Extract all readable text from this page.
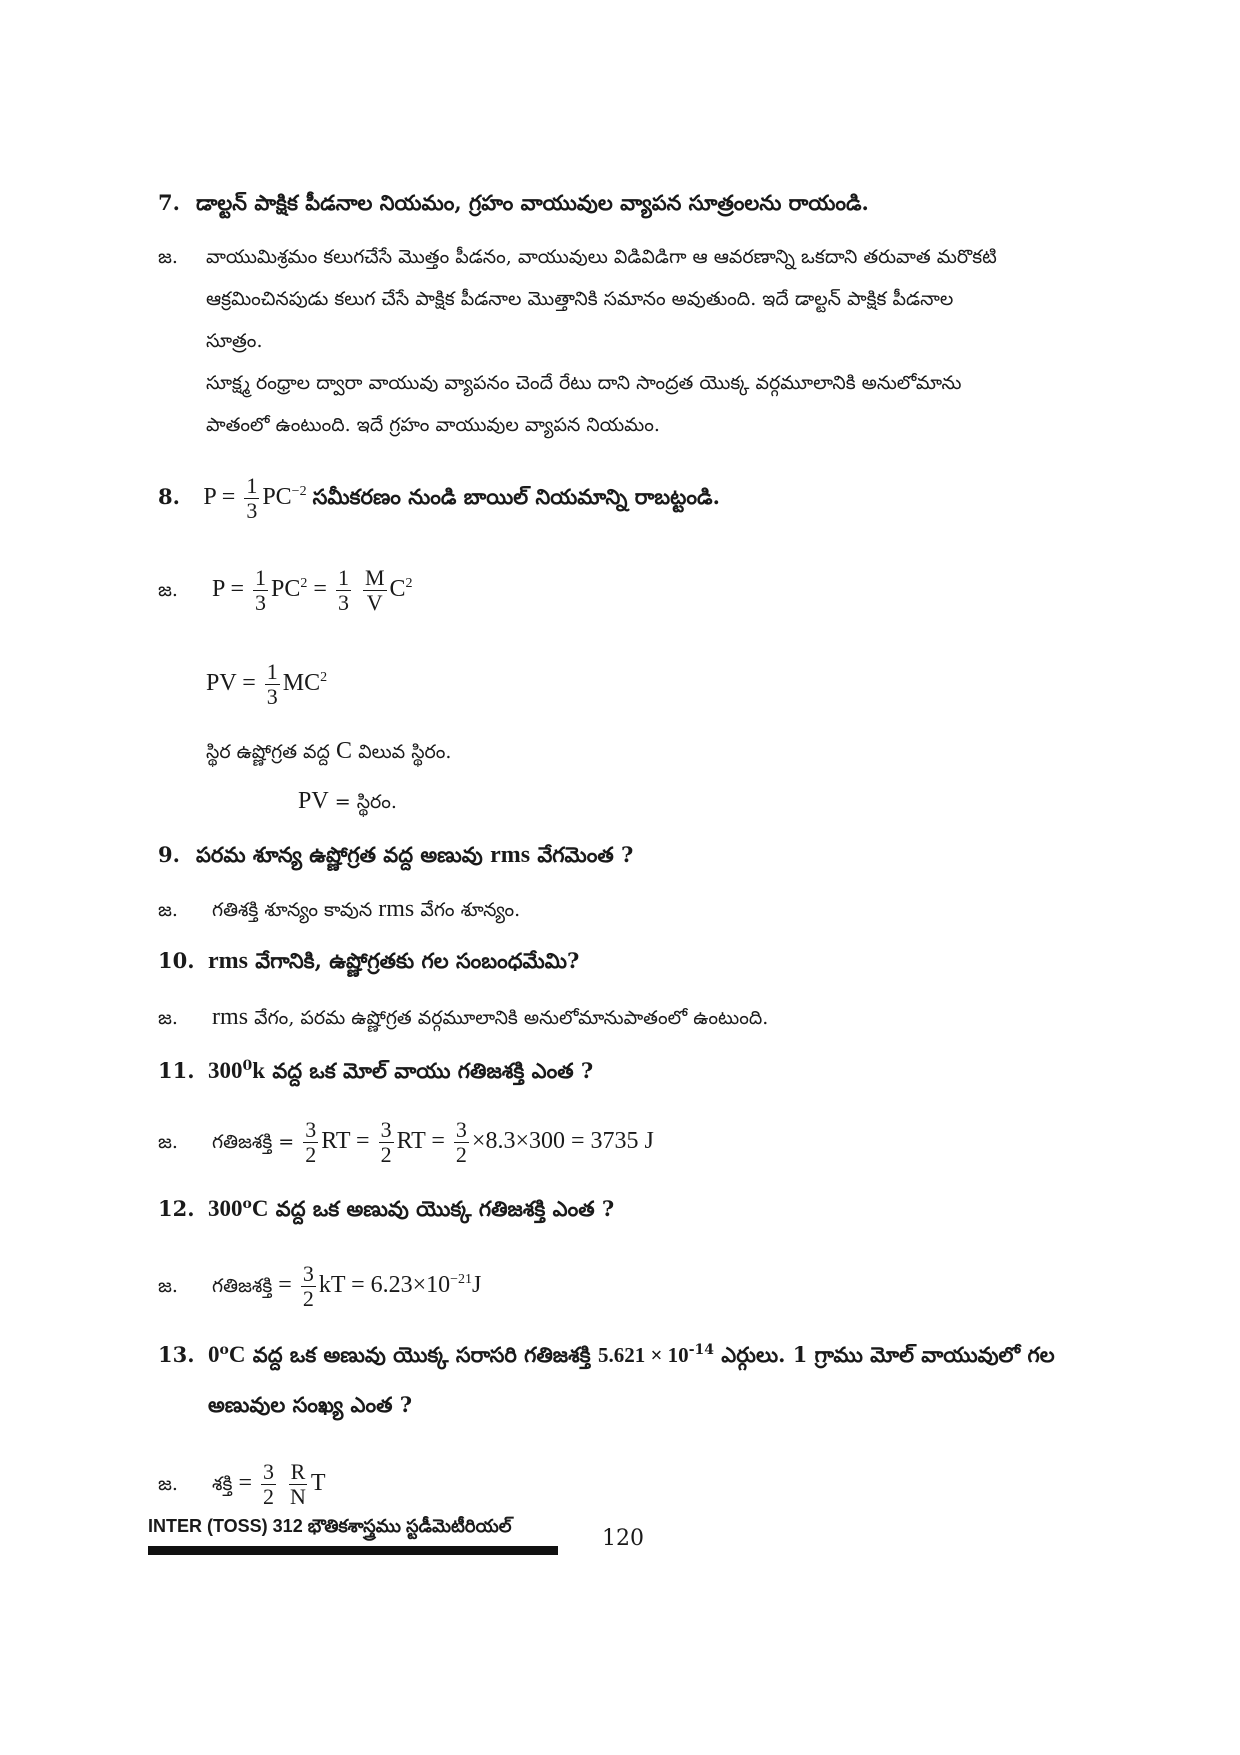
7. డాల్టన్ పాక్షిక పీడనాల నియమం, గ్రహం వాయువుల వ్యాపన సూత్రంలను రాయండి.
జ. వాయుమిశ్రమం కలుగచేసే మొత్తం పీడనం, వాయువులు విడివిడిగా ఆ ఆవరణాన్ని ఒకదాని తరువాత మరొకటి
ఆక్రమించినపుడు కలుగ చేసే పాక్షిక పీడనాల మొత్తానికి సమానం అవుతుంది. ఇదే డాల్టన్ పాక్షిక పీడనాల
సూత్రం.
సూక్ష్మ రంధ్రాల ద్వారా వాయువు వ్యాపనం చెందే రేటు దాని సాంద్రత యొక్క వర్గమూలానికి అనులోమాను
పాతంలో ఉంటుంది. ఇదే గ్రహం వాయువుల వ్యాపన నియమం.
8. $P = \frac{1}{3} PC^{-2}$ సమీకరణం నుండి బాయిల్ నియమాన్ని రాబట్టండి.
జ. $P = \frac{1}{3} PC^2 = \frac{1}{3}$
$\frac{M}{V} C^2$
PV = $\frac{1}{3} MC^2$
స్థిర ఉష్ణోగ్రత వద్ద C విలువ స్థిరం.
PV = స్థిరం.
9. పరమ శూన్య ఉష్ణోగ్రత వద్ద అణువు rms వేగమెంత ?
జ. గతిశక్తి శూన్యం కావున rms వేగం శూన్యం.
10. rms వేగానికి, ఉష్ణోగ్రతకు గల సంబంధమేమి?
జ. rms వేగం, పరమ ఉష్ణోగ్రత వర్గమూలానికి అనులోమానుపాతంలో ఉంటుంది.
11. $300^0k$ వద్ద ఒక మోల్ వాయు గతిజశక్తి ఎంత ?
జ. గతిజశక్తి = $\frac{3}{2}$ RT = $\frac{3}{2}$ RT = $\frac{3}{2} \times 8.3\times 300 = 3735$ J
12. 300$^o$C వద్ద ఒక అణువు యొక్క గతిజశక్తి ఎంత ?
జ. గతిజశక్తి = $\frac{3}{2}$ kT = $6.23\times 10^{-21}J$
13. 0$^o$C వద్ద ఒక అణువు యొక్క సరాసరి గతిజశక్తి $5.621 \times 10^{-14}$ ఎర్గులు. 1 గ్రాము మోల్ వాయువులో గల
అణువుల సంఖ్య ఎంత ?
జ. శక్తి = $\frac{3}{2}$
$\frac{R}{N}$ T
INTER (TOSS) 312 భౌతికశాస్త్రము స్టడీమెటీరియల్	120
